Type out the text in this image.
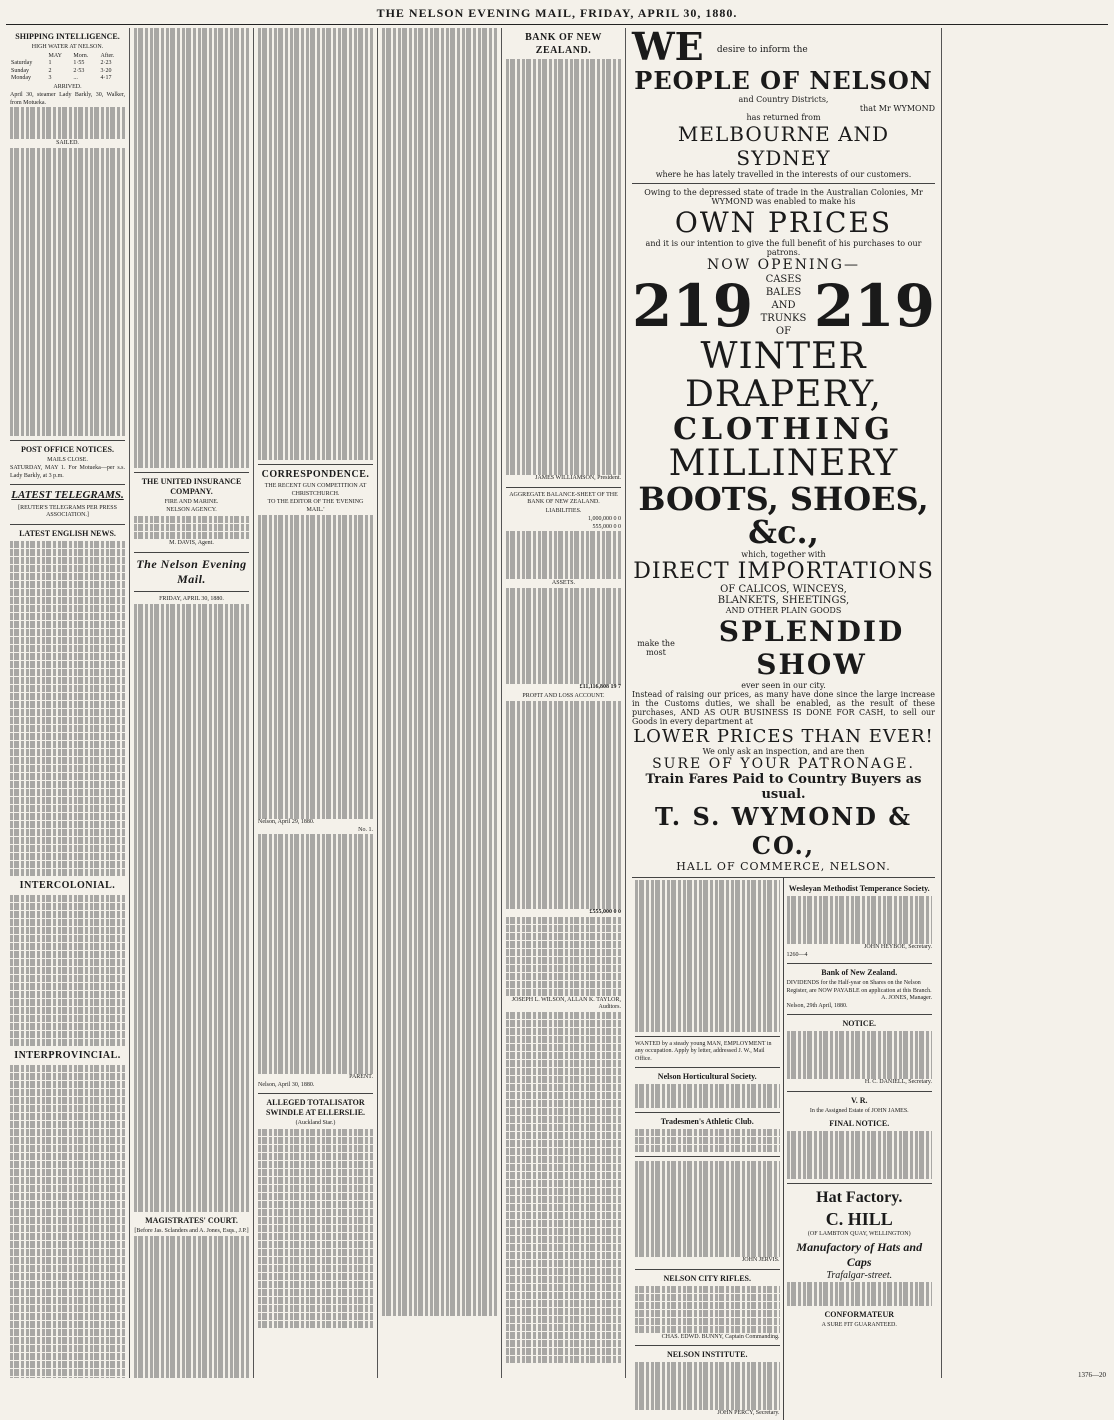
THE NELSON EVENING MAIL, FRIDAY, APRIL 30, 1880.
SHIPPING INTELLIGENCE.
HIGH WATER AT NELSON.
	MAY	Morn.	After.
Saturday	1	1·55	2·23
Sunday	2	2·53	3·20
Monday	3	...	4·17
ARRIVED.
April 30, steamer Lady Barkly, 30, Walker, from Motueka.
SAILED.
POST OFFICE NOTICES.
MAILS CLOSE.
SATURDAY, MAY 1. For Motueka—per s.s. Lady Barkly, at 3 p.m.
LATEST TELEGRAMS.
[REUTER'S TELEGRAMS PER PRESS ASSOCIATION.]
LATEST ENGLISH NEWS.
INTERCOLONIAL.
INTERPROVINCIAL.
THE UNITED INSURANCE COMPANY.
FIRE AND MARINE.
NELSON AGENCY.
M. DAVIS, Agent.
The Nelson Evening Mail.
FRIDAY, APRIL 30, 1880.
MAGISTRATES' COURT.
[Before Jas. Sclanders and A. Jones, Esqs., J.P.]
CORRESPONDENCE.
THE RECENT GUN COMPETITION AT CHRISTCHURCH.
TO THE EDITOR OF THE 'EVENING MAIL.'
Nelson, April 29, 1880.
No. 1.
PARENT.
Nelson, April 30, 1880.
ALLEGED TOTALISATOR SWINDLE AT ELLERSLIE.
(Auckland Star.)
BANK OF NEW ZEALAND.
JAMES WILLIAMSON, President.
AGGREGATE BALANCE-SHEET OF THE BANK OF NEW ZEALAND.
LIABILITIES.
1,000,000 0 0
555,000 0 0
ASSETS.
£11,116,808 19 7
PROFIT AND LOSS ACCOUNT.
£555,000 0 0
JOSEPH L. WILSON, ALLAN K. TAYLOR, Auditors.
WE desire to inform the
PEOPLE OF NELSON
and Country Districts,
that Mr WYMOND
has returned from
MELBOURNE AND SYDNEY
where he has lately travelled in the interests of our customers.
Owing to the depressed state of trade in the Australian Colonies, Mr WYMOND was enabled to make his
OWN PRICES
and it is our intention to give the full benefit of his purchases to our patrons.
NOW OPENING—
219	CASES
BALES AND
TRUNKS
OF 219
WINTER DRAPERY,
CLOTHING
MILLINERY
BOOTS, SHOES, &c.,
which, together with
DIRECT IMPORTATIONS
OF CALICOS, WINCEYS,
BLANKETS, SHEETINGS,
AND OTHER PLAIN GOODS
make the most
SPLENDID SHOW
ever seen in our city.
Instead of raising our prices, as many have done since the large increase in the Customs duties, we shall be enabled, as the result of these purchases, AND AS OUR BUSINESS IS DONE FOR CASH, to sell our Goods in every department at
LOWER PRICES THAN EVER!
We only ask an inspection, and are then
SURE OF YOUR PATRONAGE.
Train Fares Paid to Country Buyers as usual.
T. S. WYMOND & CO.,
HALL OF COMMERCE, NELSON.
WANTED by a steady young MAN, EMPLOYMENT in any occupation. Apply by letter, addressed J. W., Mail Office.
Nelson Horticultural Society.
Tradesmen's Athletic Club.
JOHN JERVIS.
NELSON CITY RIFLES.
CHAS. EDWD. BUNNY, Captain Commanding.
NELSON INSTITUTE.
JOHN PERCY, Secretary.
Wesleyan Methodist Temperance Society.
JOHN HEYBOE, Secretary.
1260—4
Bank of New Zealand.
DIVIDENDS for the Half-year on Shares on the Nelson Register, are NOW PAYABLE on application at this Branch.
A. JONES, Manager.
Nelson, 29th April, 1880.
NOTICE.
H. C. DANIELL, Secretary.
V. R.
In the Assigned Estate of JOHN JAMES.
FINAL NOTICE.
Hat Factory.
C. HILL
(OF LAMBTON QUAY, WELLINGTON)
Manufactory of Hats and Caps
Trafalgar-street.
CONFORMATEUR
A SURE FIT GUARANTEED.
1376—20
